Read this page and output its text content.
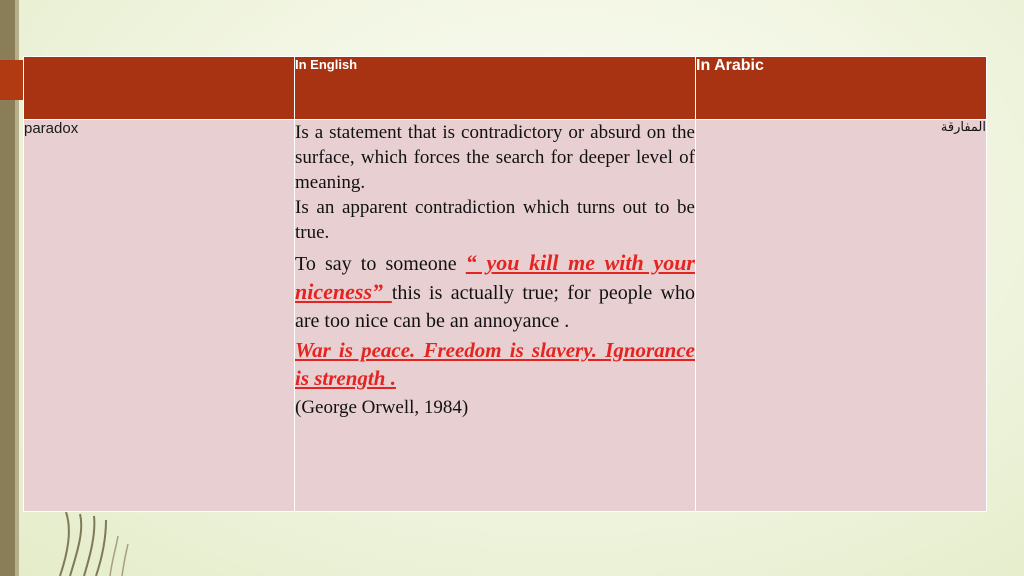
	In English	In Arabic
paradox	Is a statement that is contradictory or absurd on the surface, which forces the search for deeper level of meaning.

Is an apparent contradiction which turns out to be true.

To say to someone “ you kill me with your niceness” this is actually true; for people who are too nice can be an annoyance .

War is peace. Freedom is slavery. Ignorance is strength .

(George Orwell, 1984)	المفارقة
